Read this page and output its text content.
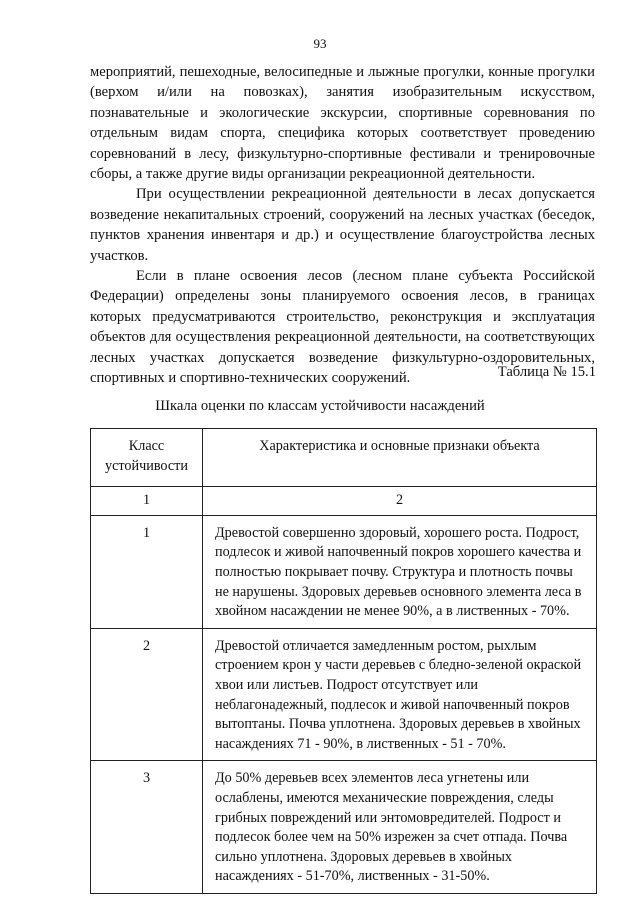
93

мероприятий, пешеходные, велосипедные и лыжные прогулки, конные прогулки (верхом и/или на повозках), занятия изобразительным искусством, познавательные и экологические экскурсии, спортивные соревнования по отдельным видам спорта, специфика которых соответствует проведению соревнований в лесу, физкультурно-спортивные фестивали и тренировочные сборы, а также другие виды организации рекреационной деятельности.

При осуществлении рекреационной деятельности в лесах допускается возведение некапитальных строений, сооружений на лесных участках (беседок, пунктов хранения инвентаря и др.) и осуществление благоустройства лесных участков.

Если в плане освоения лесов (лесном плане субъекта Российской Федерации) определены зоны планируемого освоения лесов, в границах которых предусматриваются строительство, реконструкция и эксплуатация объектов для осуществления рекреационной деятельности, на соответствующих лесных участках допускается возведение физкультурно-оздоровительных, спортивных и спортивно-технических сооружений.	Таблица № 15.1
Шкала оценки по классам устойчивости насаждений
Класс устойчивости	Характеристика и основные признаки объекта
1	2
1	Древостой совершенно здоровый, хорошего роста. Подрост, подлесок и живой напочвенный покров хорошего качества и полностью покрывает почву. Структура и плотность почвы не нарушены. Здоровых деревьев основного элемента леса в хвойном насаждении не менее 90%, а в лиственных - 70%.
2	Древостой отличается замедленным ростом, рыхлым строением крон у части деревьев с бледно-зеленой окраской хвои или листьев. Подрост отсутствует или неблагонадежный, подлесок и живой напочвенный покров вытоптаны. Почва уплотнена. Здоровых деревьев в хвойных насаждениях 71 - 90%, в лиственных - 51 - 70%.
3	До 50% деревьев всех элементов леса угнетены или ослаблены, имеются механические повреждения, следы грибных повреждений или энтомовредителей. Подрост и подлесок более чем на 50% изрежен за счет отпада. Почва сильно уплотнена. Здоровых деревьев в хвойных насаждениях - 51-70%, лиственных - 31-50%.
